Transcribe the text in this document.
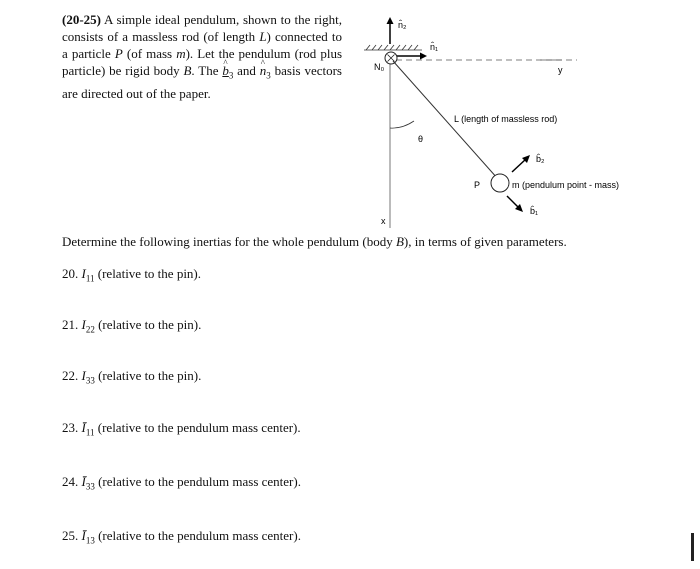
(20-25) A simple ideal pendulum, shown to the right, consists of a massless rod (of length L) connected to a particle P (of mass m). Let the pendulum (rod plus particle) be rigid body B. The ^ $b_3$ and ^ $n_3$ basis vectors are directed out of the paper.
n̂₂
n̂₁
N₀	y
L (length of massless rod)
θ
P	m (pendulum point - mass)
b̂₂
b̂₁
x
Determine the following inertias for the whole pendulum (body B), in terms of given parameters.
20. $I_{11}$ (relative to the pin).
21. $I_{22}$ (relative to the pin).
22. $I_{33}$ (relative to the pin).
23. $Ī_{11}$ (relative to the pendulum mass center).
24. $Ī_{33}$ (relative to the pendulum mass center).
25. $Ī_{13}$ (relative to the pendulum mass center).
